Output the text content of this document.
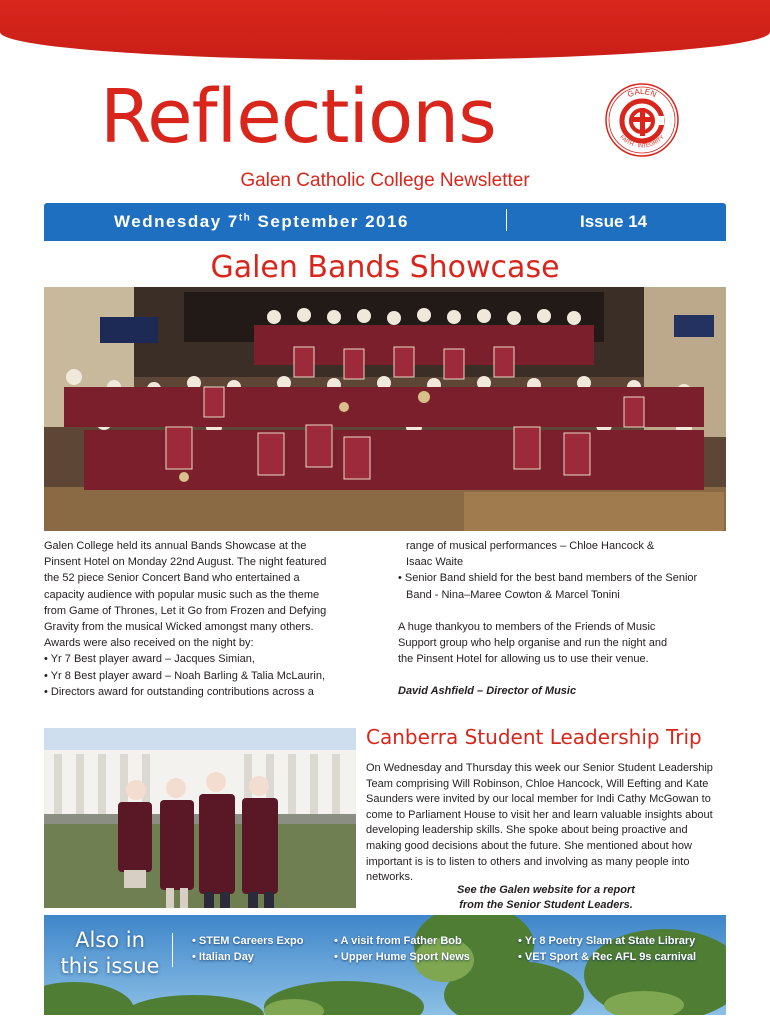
Reflections	GALEN
FAITH · INTEGRITY
Galen Catholic College Newsletter
Wednesday 7th September 2016	Issue 14
Galen Bands Showcase

Galen College held its annual Bands Showcase at the

Pinsent Hotel on Monday 22nd August. The night featured

the 52 piece Senior Concert Band who entertained a

capacity audience with popular music such as the theme

from Game of Thrones, Let it Go from Frozen and Defying

Gravity from the musical Wicked amongst many others.

Awards were also received on the night by:

• Yr 7 Best player award – Jacques Simian,

• Yr 8 Best player award – Noah Barling & Talia McLaurin,

• Directors award for outstanding contributions across a

range of musical performances – Chloe Hancock &

Isaac Waite

• Senior Band shield for the best band members of the Senior

Band - Nina–Maree Cowton & Marcel Tonini

A huge thankyou to members of the Friends of Music

Support group who help organise and run the night and

the Pinsent Hotel for allowing us to use their venue.

David Ashfield – Director of Music

Canberra Student Leadership Trip
On Wednesday and Thursday this week our Senior Student Leadership Team comprising Will Robinson, Chloe Hancock, Will Eefting and Kate Saunders were invited by our local member for Indi Cathy McGowan to come to Parliament House to visit her and learn valuable insights about developing leadership skills. She spoke about being proactive and making good decisions about the future. She mentioned about how important is is to listen to others and involving as many people into networks.
See the Galen website for a report
from the Senior Student Leaders.
Also in
this issue
• STEM Careers Expo
• Italian Day
• A visit from Father Bob
• Upper Hume Sport News
• Yr 8 Poetry Slam at State Library
• VET Sport & Rec AFL 9s carnival
